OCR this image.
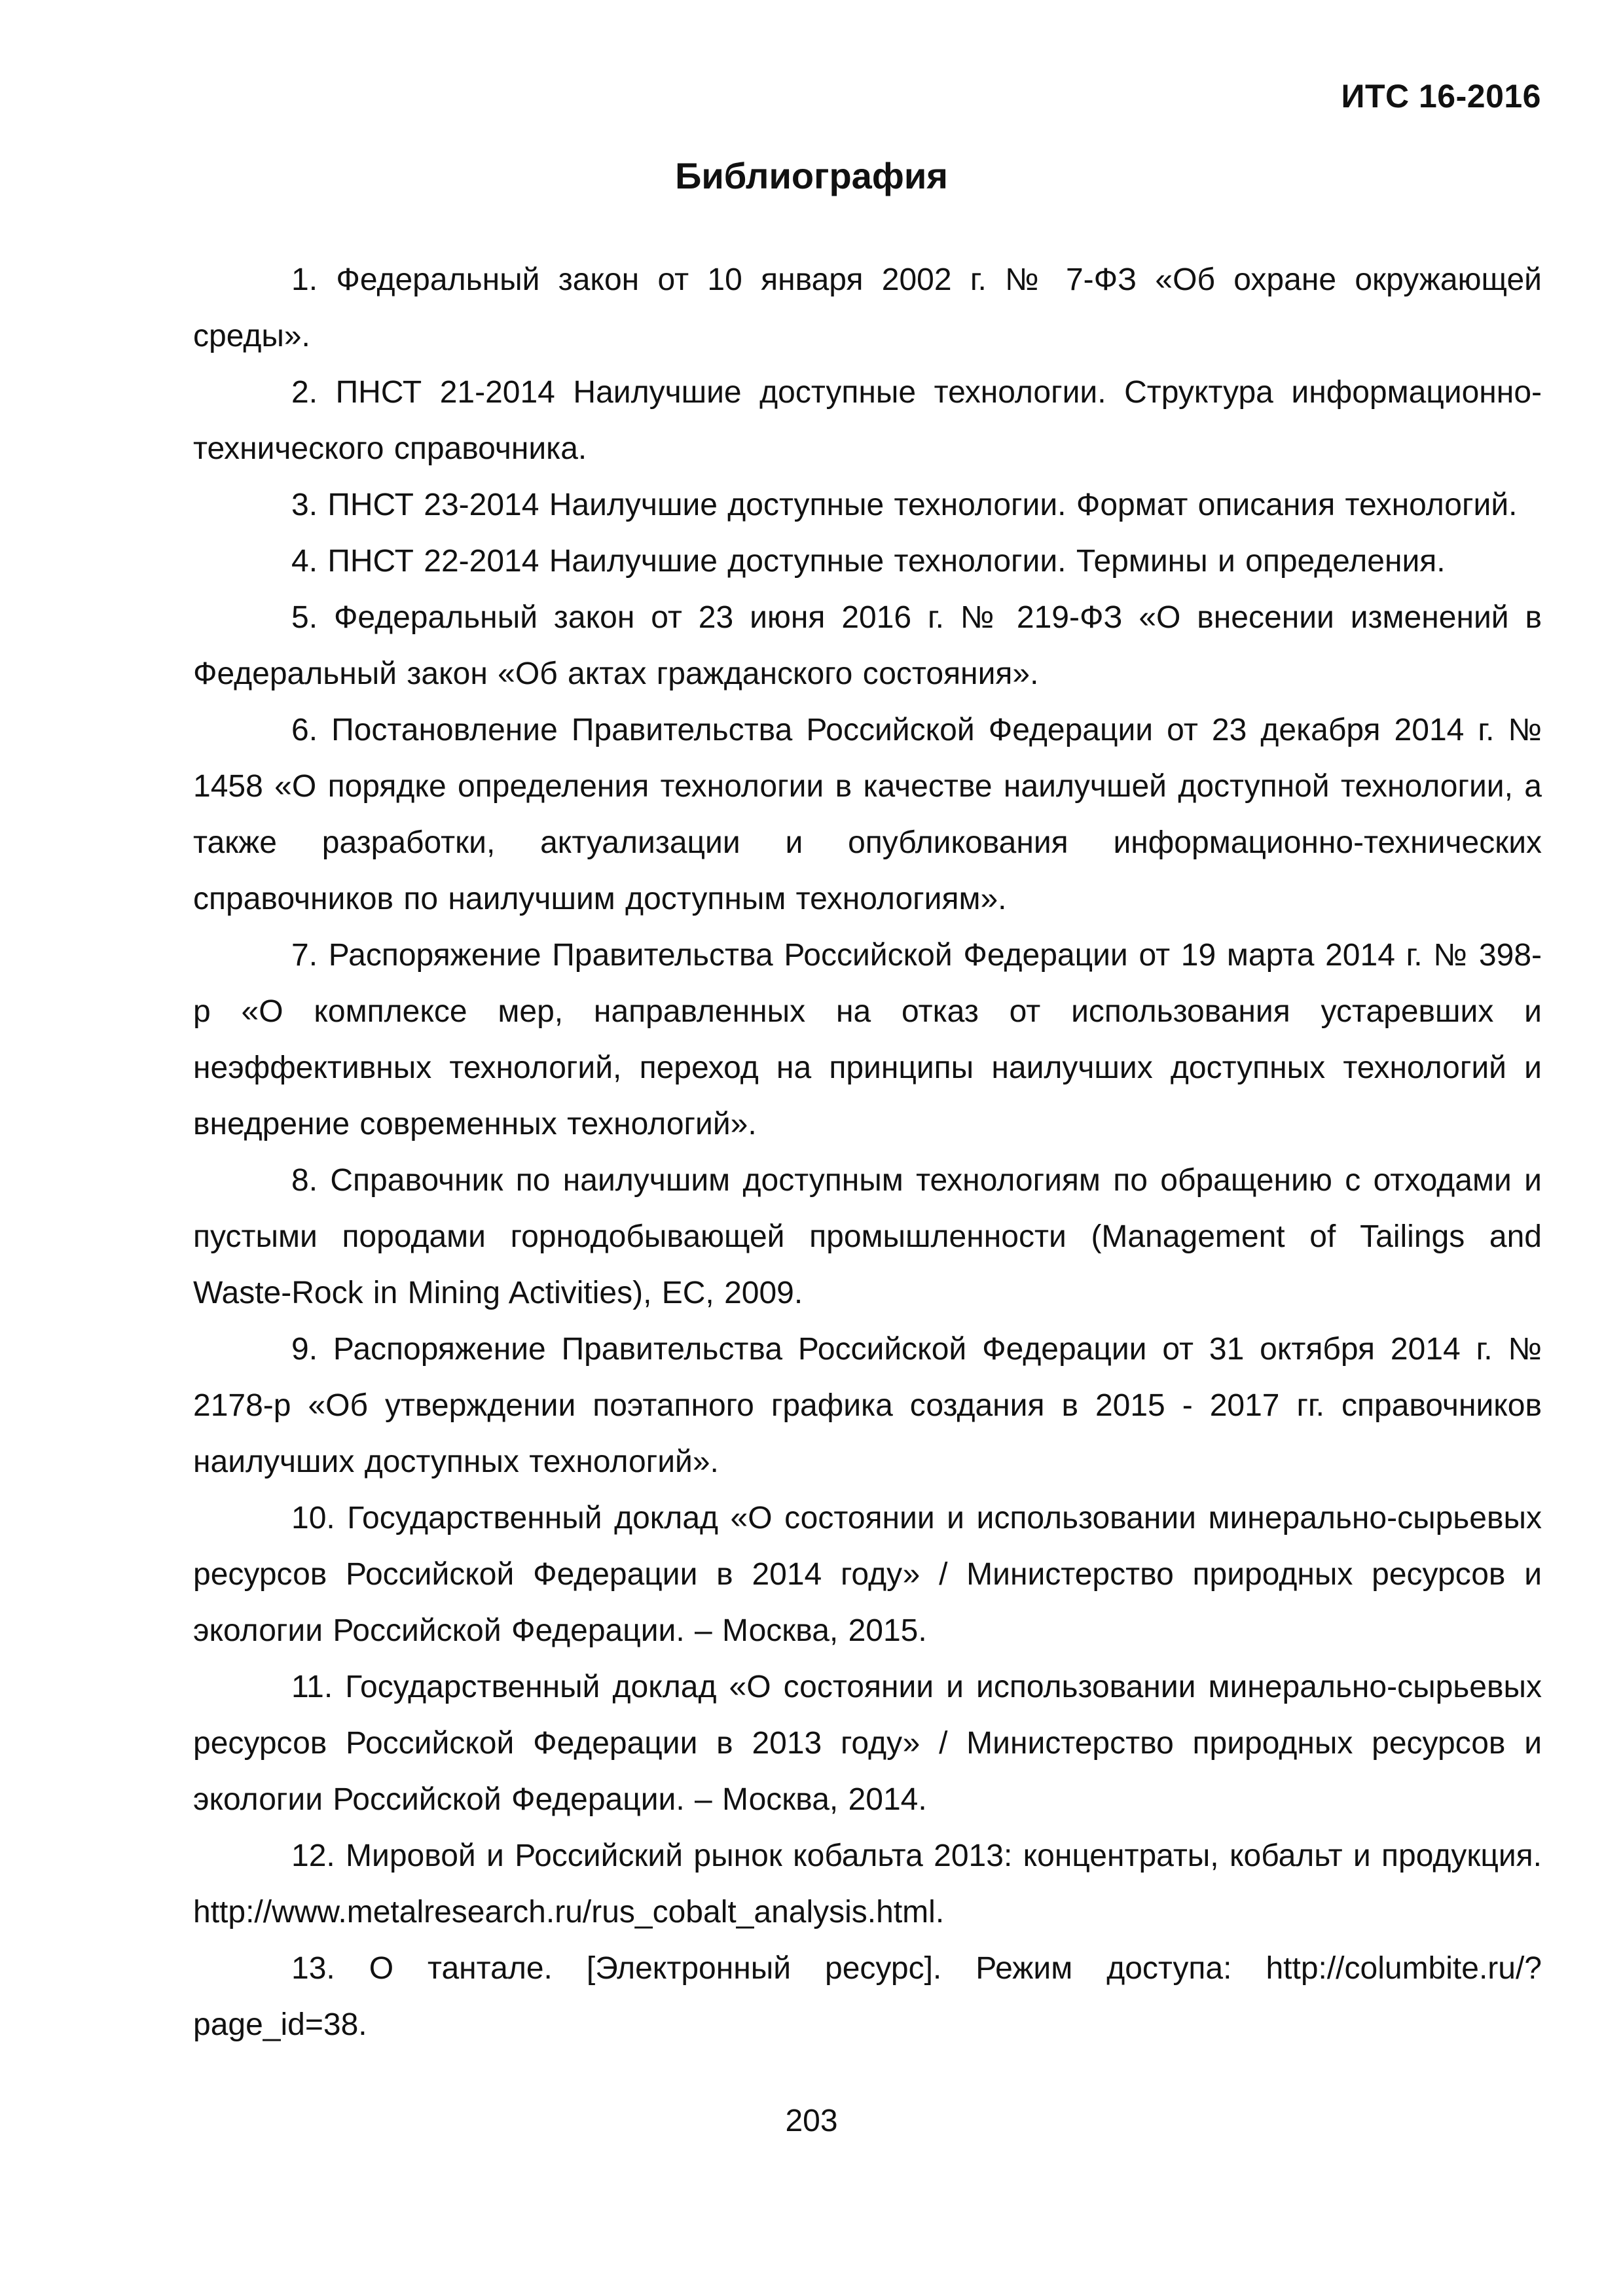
ИТС 16-2016
Библиография
1. Федеральный закон от 10 января 2002 г. № 7-ФЗ «Об охране окружающей среды».
2. ПНСТ 21-2014 Наилучшие доступные технологии. Структура информационно-технического справочника.
3. ПНСТ 23-2014 Наилучшие доступные технологии. Формат описания технологий.
4. ПНСТ 22-2014 Наилучшие доступные технологии. Термины и определения.
5. Федеральный закон от 23 июня 2016 г. № 219-ФЗ «О внесении изменений в Федеральный закон «Об актах гражданского состояния».
6. Постановление Правительства Российской Федерации от 23 декабря 2014 г. № 1458 «О порядке определения технологии в качестве наилучшей доступной технологии, а также разработки, актуализации и опубликования информационно-технических справочников по наилучшим доступным технологиям».
7. Распоряжение Правительства Российской Федерации от 19 марта 2014 г. № 398-р «О комплексе мер, направленных на отказ от использования устаревших и неэффективных технологий, переход на принципы наилучших доступных технологий и внедрение современных технологий».
8. Справочник по наилучшим доступным технологиям по обращению с отходами и пустыми породами горнодобывающей промышленности (Management of Tailings and Waste-Rock in Mining Activities), EC, 2009.
9. Распоряжение Правительства Российской Федерации от 31 октября 2014 г. № 2178-р «Об утверждении поэтапного графика создания в 2015 - 2017 гг. справочников наилучших доступных технологий».
10. Государственный доклад «О состоянии и использовании минерально-сырьевых ресурсов Российской Федерации в 2014 году» / Министерство природных ресурсов и экологии Российской Федерации. – Москва, 2015.
11. Государственный доклад «О состоянии и использовании минерально-сырьевых ресурсов Российской Федерации в 2013 году» / Министерство природных ресурсов и экологии Российской Федерации. – Москва, 2014.
12. Мировой и Российский рынок кобальта 2013: концентраты, кобальт и продукция. http://www.metalresearch.ru/rus_cobalt_analysis.html.
13. О тантале. [Электронный ресурс]. Режим доступа: http://columbite.ru/?page_id=38.
203
